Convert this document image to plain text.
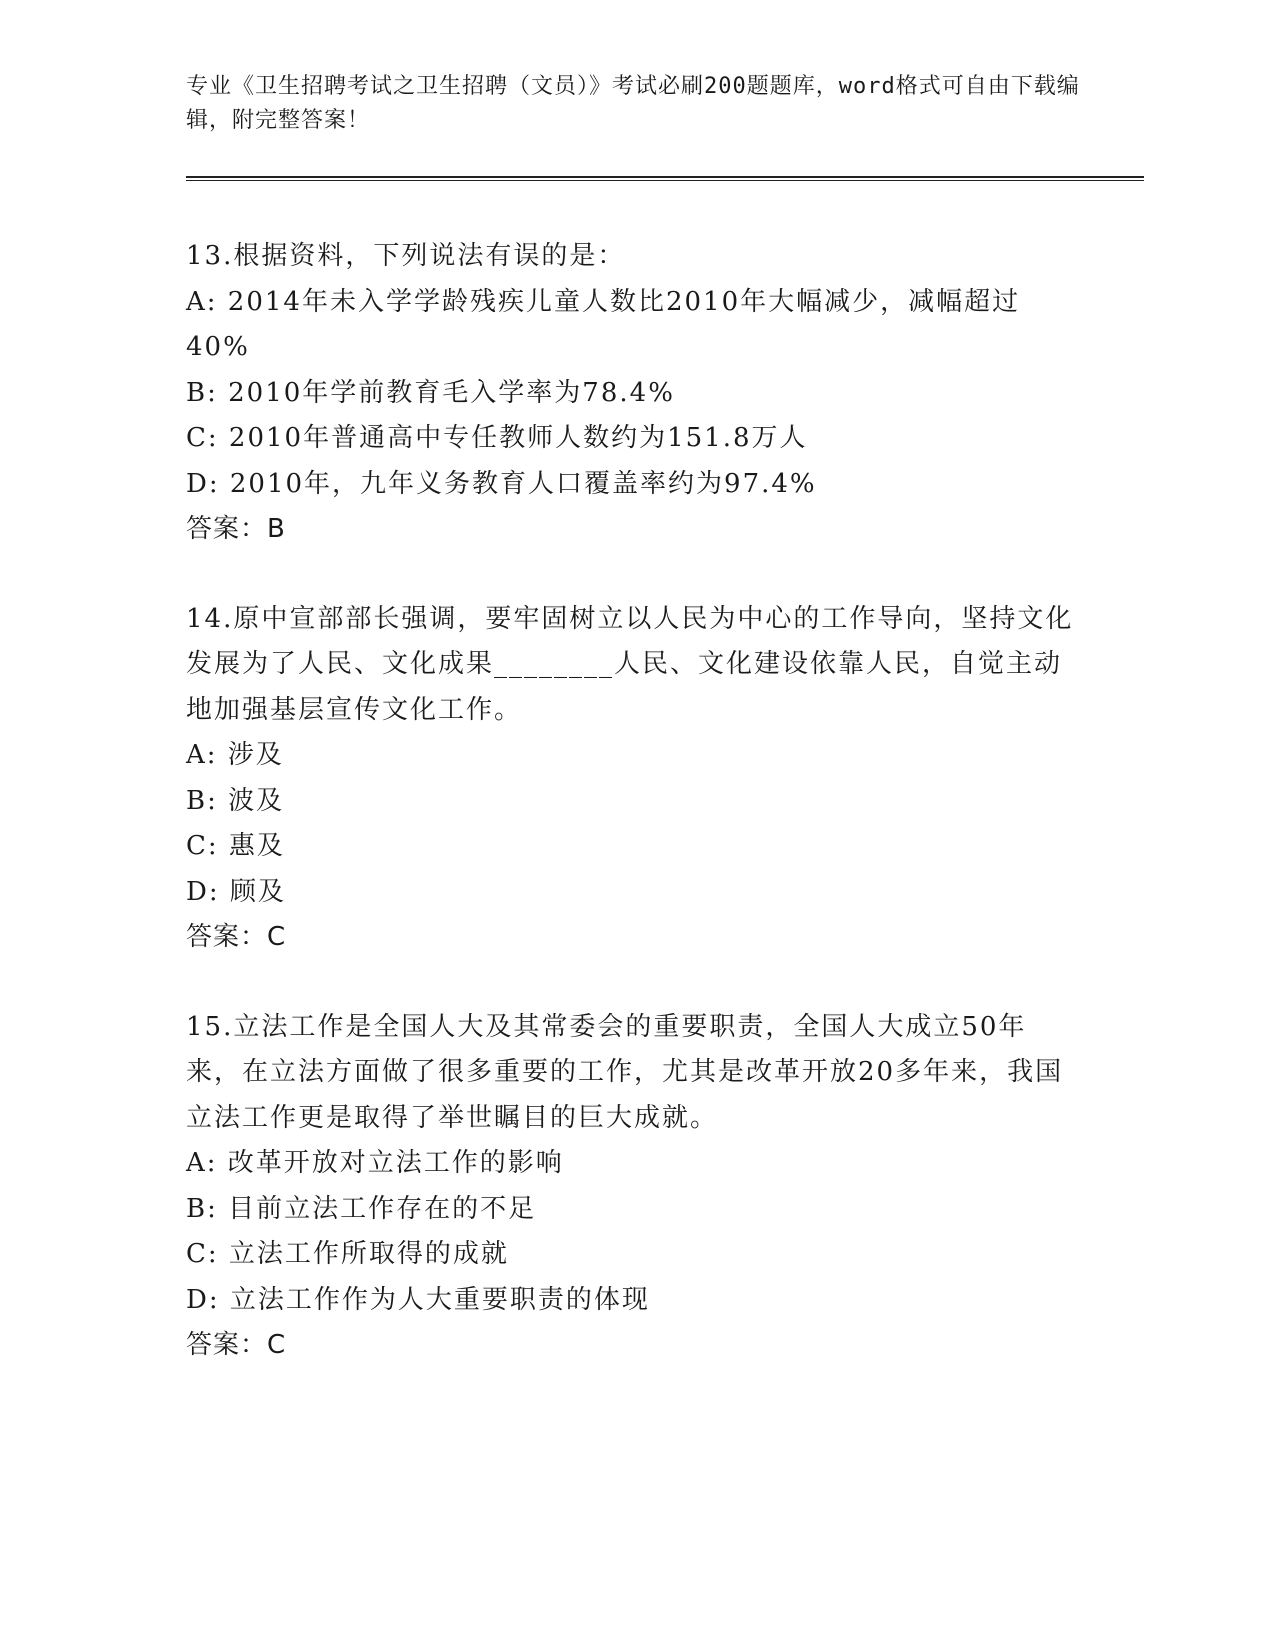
专业《卫生招聘考试之卫生招聘（文员）》考试必刷200题题库，word格式可自由下载编辑，附完整答案！

13.根据资料，下列说法有误的是：

A: 2014年未入学学龄残疾儿童人数比2010年大幅减少，减幅超过40%

B: 2010年学前教育毛入学率为78.4%

C: 2010年普通高中专任教师人数约为151.8万人

D: 2010年，九年义务教育人口覆盖率约为97.4%

答案：B

14.原中宣部部长强调，要牢固树立以人民为中心的工作导向，坚持文化发展为了人民、文化成果________人民、文化建设依靠人民，自觉主动地加强基层宣传文化工作。

A: 涉及

B: 波及

C: 惠及

D: 顾及

答案：C

15.立法工作是全国人大及其常委会的重要职责，全国人大成立50年来，在立法方面做了很多重要的工作，尤其是改革开放20多年来，我国立法工作更是取得了举世瞩目的巨大成就。

A: 改革开放对立法工作的影响

B: 目前立法工作存在的不足

C: 立法工作所取得的成就

D: 立法工作作为人大重要职责的体现

答案：C
